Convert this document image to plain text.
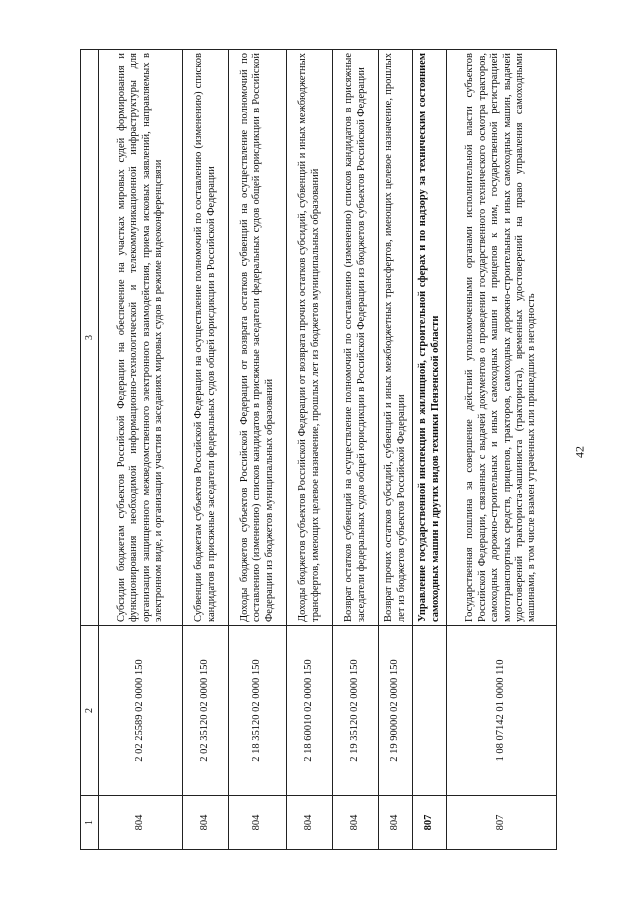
42
1	2	3
804	2 02 25589 02 0000 150	Субсидии бюджетам субъектов Российской Федерации на обеспечение на участках мировых судей формирования и функционирования необходимой информационно-технологической и телекоммуникационной инфраструктуры для организации защищенного межведомственного электронного взаимодействия, приема исковых заявлений, направляемых в электронном виде, и организации участия в заседаниях мировых судов в режиме видеоконференцсвязи
804	2 02 35120 02 0000 150	Субвенции бюджетам субъектов Российской Федерации на осуществление полномочий по составлению (изменению) списков кандидатов в присяжные заседатели федеральных судов общей юрисдикции в Российской Федерации
804	2 18 35120 02 0000 150	Доходы бюджетов субъектов Российской Федерации от возврата остатков субвенций на осуществление полномочий по составлению (изменению) списков кандидатов в присяжные заседатели федеральных судов общей юрисдикции в Российской Федерации из бюджетов муниципальных образований
804	2 18 60010 02 0000 150	Доходы бюджетов субъектов Российской Федерации от возврата прочих остатков субсидий, субвенций и иных межбюджетных трансфертов, имеющих целевое назначение, прошлых лет из бюджетов муниципальных образований
804	2 19 35120 02 0000 150	Возврат остатков субвенций на осуществление полномочий по составлению (изменению) списков кандидатов в присяжные заседатели федеральных судов общей юрисдикции в Российской Федерации из бюджетов субъектов Российской Федерации
804	2 19 90000 02 0000 150	Возврат прочих остатков субсидий, субвенций и иных межбюджетных трансфертов, имеющих целевое назначение, прошлых лет из бюджетов субъектов Российской Федерации
807		Управление государственной инспекции в жилищной, строительной сферах и по надзору за техническим состоянием самоходных машин и других видов техники Пензенской области
807	1 08 07142 01 0000 110	Государственная пошлина за совершение действий уполномоченными органами исполнительной власти субъектов Российской Федерации, связанных с выдачей документов о проведении государственного технического осмотра тракторов, самоходных дорожно-строительных и иных самоходных машин и прицепов к ним, государственной регистрацией мототранспортных средств, прицепов, тракторов, самоходных дорожно-строительных и иных самоходных машин, выдачей удостоверений тракториста-машиниста (тракториста), временных удостоверений на право управления самоходными машинами, в том числе взамен утраченных или пришедших в негодность
